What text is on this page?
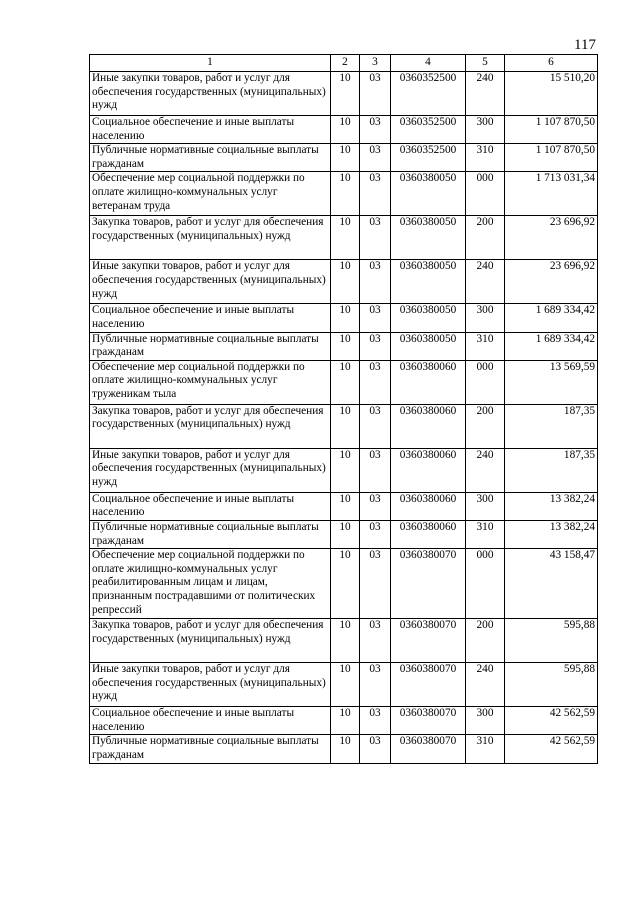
117
1	2	3	4	5	6
Иные закупки товаров, работ и услуг для обеспечения государственных (муниципальных) нужд	10	03	0360352500	240	15 510,20
Социальное обеспечение и иные выплаты населению	10	03	0360352500	300	1 107 870,50
Публичные нормативные социальные выплаты гражданам	10	03	0360352500	310	1 107 870,50
Обеспечение мер социальной поддержки по оплате жилищно-коммунальных услуг ветеранам труда	10	03	0360380050	000	1 713 031,34
Закупка товаров, работ и услуг для обеспечения государственных (муниципальных) нужд	10	03	0360380050	200	23 696,92
Иные закупки товаров, работ и услуг для обеспечения государственных (муниципальных) нужд	10	03	0360380050	240	23 696,92
Социальное обеспечение и иные выплаты населению	10	03	0360380050	300	1 689 334,42
Публичные нормативные социальные выплаты гражданам	10	03	0360380050	310	1 689 334,42
Обеспечение мер социальной поддержки по оплате жилищно-коммунальных услуг труженикам тыла	10	03	0360380060	000	13 569,59
Закупка товаров, работ и услуг для обеспечения государственных (муниципальных) нужд	10	03	0360380060	200	187,35
Иные закупки товаров, работ и услуг для обеспечения государственных (муниципальных) нужд	10	03	0360380060	240	187,35
Социальное обеспечение и иные выплаты населению	10	03	0360380060	300	13 382,24
Публичные нормативные социальные выплаты гражданам	10	03	0360380060	310	13 382,24
Обеспечение мер социальной поддержки по оплате жилищно-коммунальных услуг реабилитированным лицам и лицам, признанным пострадавшими от политических репрессий	10	03	0360380070	000	43 158,47
Закупка товаров, работ и услуг для обеспечения государственных (муниципальных) нужд	10	03	0360380070	200	595,88
Иные закупки товаров, работ и услуг для обеспечения государственных (муниципальных) нужд	10	03	0360380070	240	595,88
Социальное обеспечение и иные выплаты населению	10	03	0360380070	300	42 562,59
Публичные нормативные социальные выплаты гражданам	10	03	0360380070	310	42 562,59
